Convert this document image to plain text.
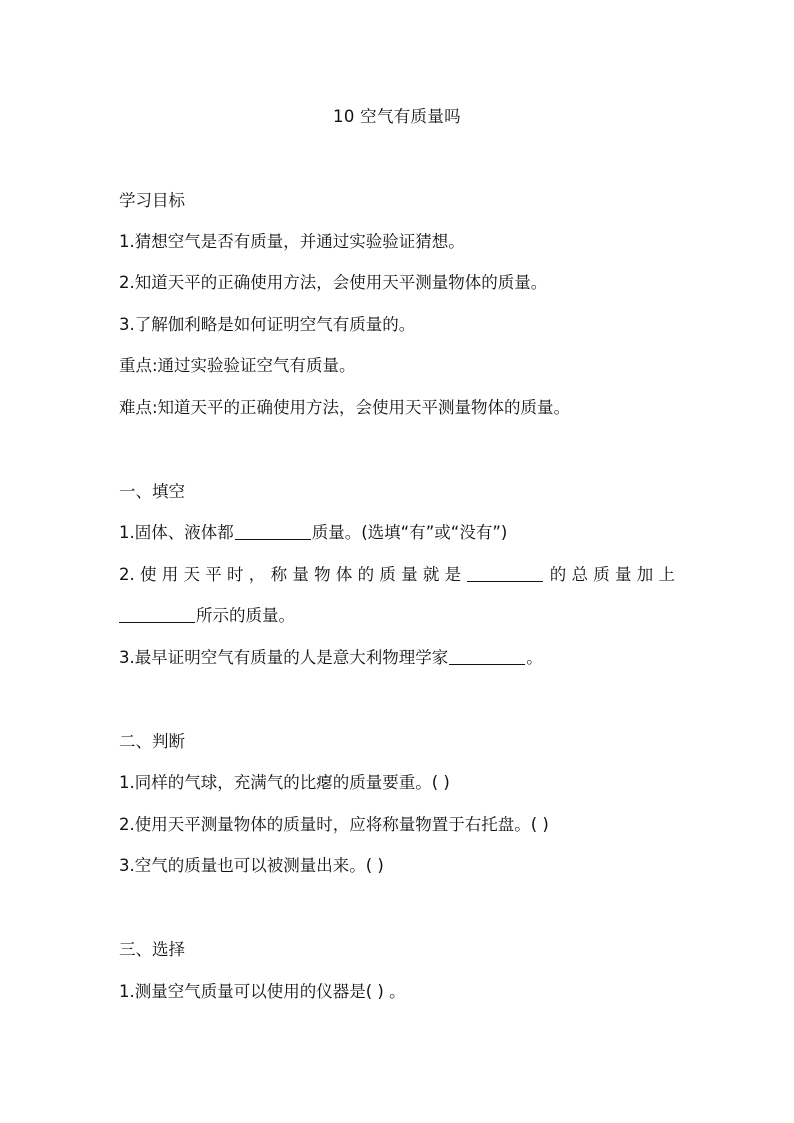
10 空气有质量吗
学习目标
1.猜想空气是否有质量，并通过实验验证猜想。
2.知道天平的正确使用方法，会使用天平测量物体的质量。
3.了解伽利略是如何证明空气有质量的。
重点:通过实验验证空气有质量。
难点:知道天平的正确使用方法，会使用天平测量物体的质量。
一、填空
1.固体、液体都	质量。(选填“有”或“没有”)
2.使用天平时，称量物体的质量就是	的总质量加上
所示的质量。
3.最早证明空气有质量的人是意大利物理学家	。
二、判断
1.同样的气球，充满气的比瘪的质量要重。( )
2.使用天平测量物体的质量时，应将称量物置于右托盘。( )
3.空气的质量也可以被测量出来。( )
三、选择
1.测量空气质量可以使用的仪器是( ) 。
